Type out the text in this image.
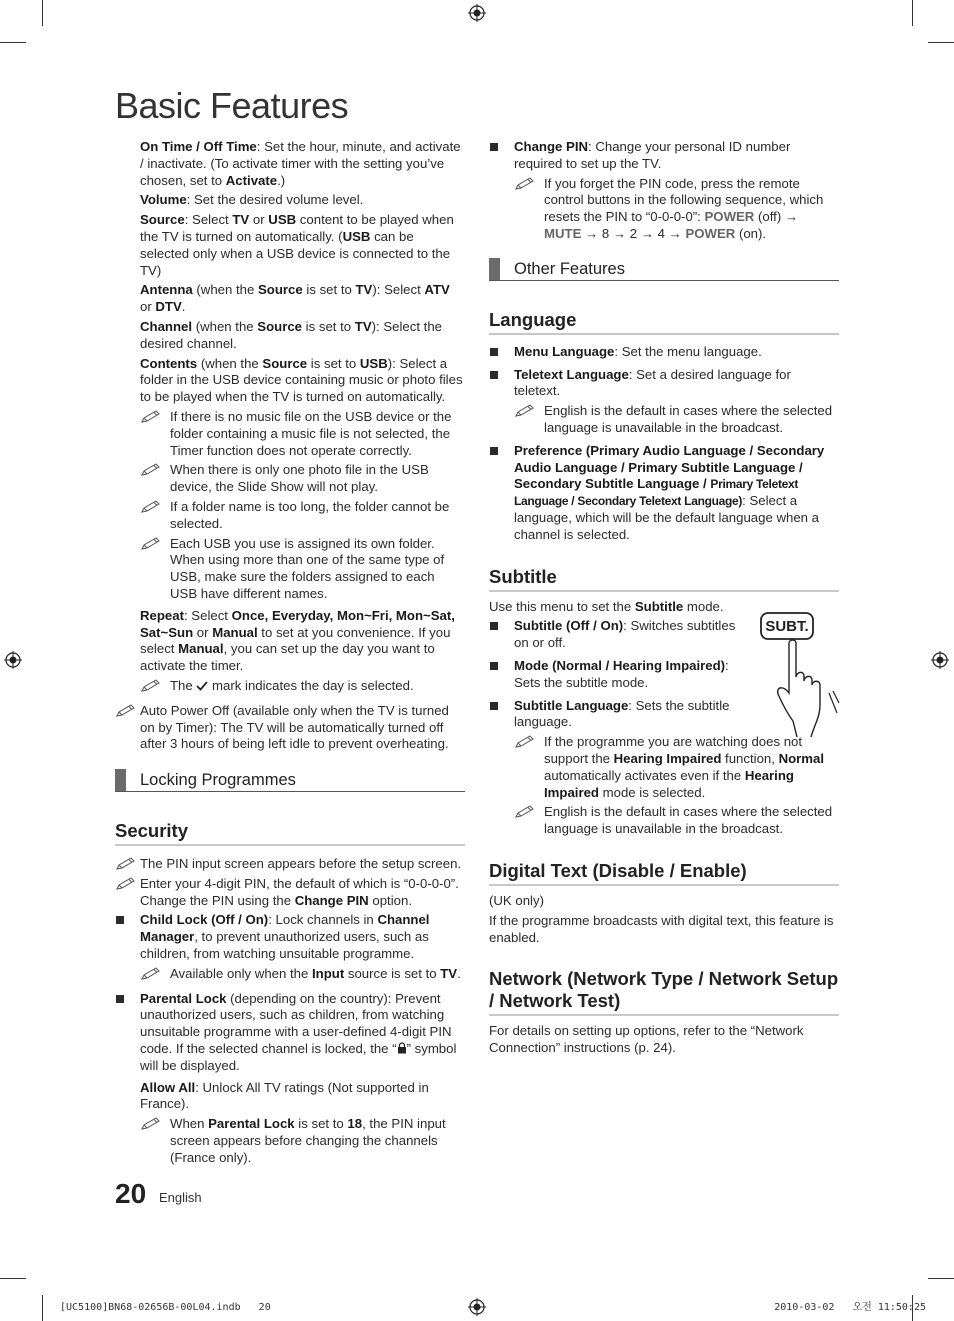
Basic Features

On Time / Off Time: Set the hour, minute, and activate / inactivate. (To activate timer with the setting you’ve chosen, set to Activate.)

Volume: Set the desired volume level.

Source: Select TV or USB content to be played when the TV is turned on automatically. (USB can be selected only when a USB device is connected to the TV)

Antenna (when the Source is set to TV): Select ATV or DTV.

Channel (when the Source is set to TV): Select the desired channel.

Contents (when the Source is set to USB): Select a folder in the USB device containing music or photo files to be played when the TV is turned on automatically.

If there is no music file on the USB device or the folder containing a music file is not selected, the Timer function does not operate correctly.
When there is only one photo file in the USB device, the Slide Show will not play.
If a folder name is too long, the folder cannot be selected.
Each USB you use is assigned its own folder. When using more than one of the same type of USB, make sure the folders assigned to each USB have different names.

Repeat: Select Once, Everyday, Mon~Fri, Mon~Sat, Sat~Sun or Manual to set at you convenience. If you select Manual, you can set up the day you want to activate the timer.

The  mark indicates the day is selected.
Auto Power Off (available only when the TV is turned on by Timer): The TV will be automatically turned off after 3 hours of being left idle to prevent overheating.
Locking Programmes
Security
The PIN input screen appears before the setup screen.
Enter your 4-digit PIN, the default of which is “0-0-0-0”. Change the PIN using the Change PIN option.
Child Lock (Off / On): Lock channels in Channel Manager, to prevent unauthorized users, such as children, from watching unsuitable programme.
Available only when the Input source is set to TV.
Parental Lock (depending on the country): Prevent unauthorized users, such as children, from watching unsuitable programme with a user-defined 4-digit PIN code. If the selected channel is locked, the “ ” symbol will be displayed.

Allow All: Unlock All TV ratings (Not supported in France).

When Parental Lock is set to 18, the PIN input screen appears before changing the channels (France only).
Change PIN: Change your personal ID number required to set up the TV.
If you forget the PIN code, press the remote control buttons in the following sequence, which resets the PIN to “0-0-0-0”: POWER (off) → MUTE → 8 → 2 → 4 → POWER (on).
Other Features
Language
Menu Language: Set the menu language.
Teletext Language: Set a desired language for teletext.
English is the default in cases where the selected language is unavailable in the broadcast.
Preference (Primary Audio Language / Secondary Audio Language / Primary Subtitle Language / Secondary Subtitle Language / Primary Teletext Language / Secondary Teletext Language): Select a language, which will be the default language when a channel is selected.
Subtitle
SUBT.

Use this menu to set the Subtitle mode.

Subtitle (Off / On): Switches subtitles on or off.
Mode (Normal / Hearing Impaired): Sets the subtitle mode.
Subtitle Language: Sets the subtitle language.
If the programme you are watching does not support the Hearing Impaired function, Normal automatically activates even if the Hearing Impaired mode is selected.
English is the default in cases where the selected language is unavailable in the broadcast.
Digital Text (Disable / Enable)

(UK only)

If the programme broadcasts with digital text, this feature is enabled.

Network (Network Type / Network Setup / Network Test)

For details on setting up options, refer to the “Network Connection” instructions (p. 24).

20 English
[UC5100]BN68-02656B-00L04.indb   20	2010-03-02   오전 11:50:25
